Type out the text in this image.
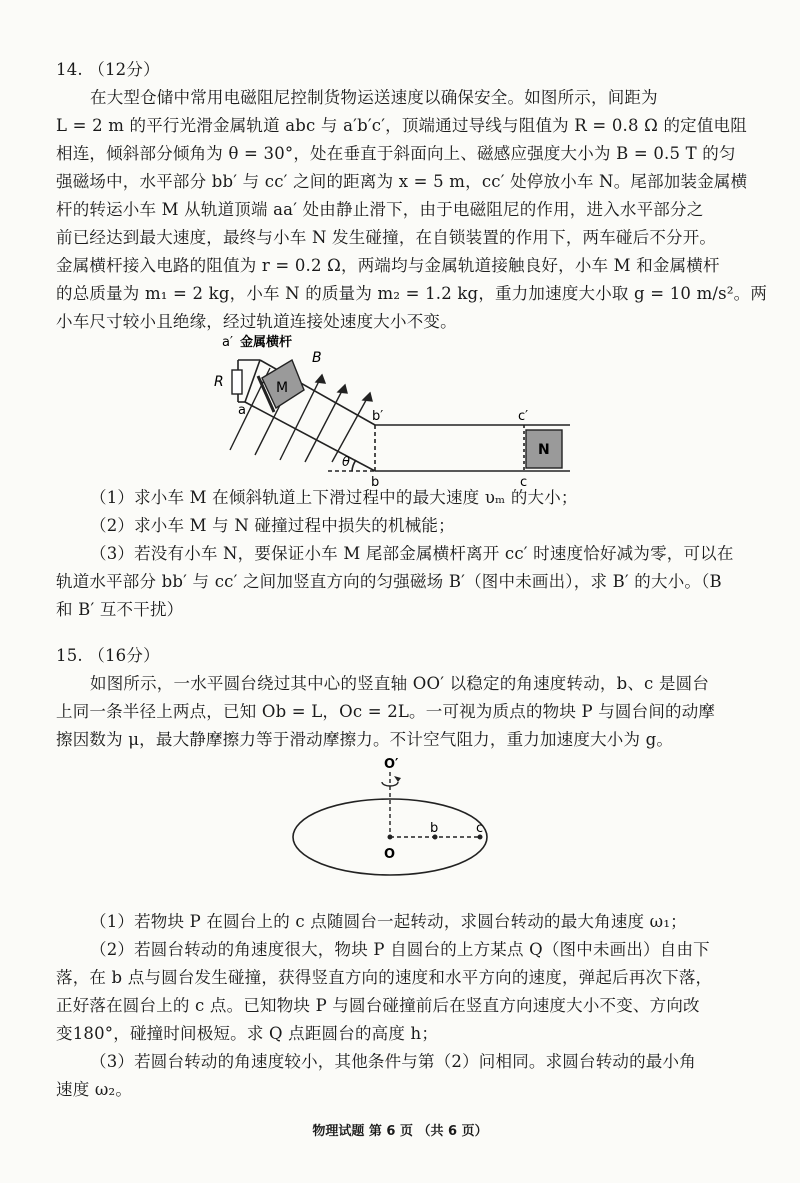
14. （12分）
在大型仓储中常用电磁阻尼控制货物运送速度以确保安全。如图所示，间距为
L = 2 m 的平行光滑金属轨道 abc 与 a′b′c′，顶端通过导线与阻值为 R = 0.8 Ω 的定值电阻
相连，倾斜部分倾角为 θ = 30°，处在垂直于斜面向上、磁感应强度大小为 B = 0.5 T 的匀
强磁场中，水平部分 bb′ 与 cc′ 之间的距离为 x = 5 m，cc′ 处停放小车 N。尾部加装金属横
杆的转运小车 M 从轨道顶端 aa′ 处由静止滑下，由于电磁阻尼的作用，进入水平部分之
前已经达到最大速度，最终与小车 N 发生碰撞，在自锁装置的作用下，两车碰后不分开。
金属横杆接入电路的阻值为 r = 0.2 Ω，两端均与金属轨道接触良好，小车 M 和金属横杆
的总质量为 m₁ = 2 kg，小车 N 的质量为 m₂ = 1.2 kg，重力加速度大小取 g = 10 m/s²。两
小车尺寸较小且绝缘，经过轨道连接处速度大小不变。
a′ 金属横杆
a
R	M
B
b′
b
c′
c
N
θ
（1）求小车 M 在倾斜轨道上下滑过程中的最大速度 υₘ 的大小；
（2）求小车 M 与 N 碰撞过程中损失的机械能；
（3）若没有小车 N，要保证小车 M 尾部金属横杆离开 cc′ 时速度恰好减为零，可以在
轨道水平部分 bb′ 与 cc′ 之间加竖直方向的匀强磁场 B′（图中未画出），求 B′ 的大小。（B
和 B′ 互不干扰）
15. （16分）
如图所示，一水平圆台绕过其中心的竖直轴 OO′ 以稳定的角速度转动，b、c 是圆台
上同一条半径上两点，已知 Ob = L，Oc = 2L。一可视为质点的物块 P 与圆台间的动摩
擦因数为 μ，最大静摩擦力等于滑动摩擦力。不计空气阻力，重力加速度大小为 g。
O′
O
b	c
（1）若物块 P 在圆台上的 c 点随圆台一起转动，求圆台转动的最大角速度 ω₁；
（2）若圆台转动的角速度很大，物块 P 自圆台的上方某点 Q（图中未画出）自由下
落，在 b 点与圆台发生碰撞，获得竖直方向的速度和水平方向的速度，弹起后再次下落，
正好落在圆台上的 c 点。已知物块 P 与圆台碰撞前后在竖直方向速度大小不变、方向改
变180°，碰撞时间极短。求 Q 点距圆台的高度 h；
（3）若圆台转动的角速度较小，其他条件与第（2）问相同。求圆台转动的最小角
速度 ω₂。
物理试题 第 6 页 （共 6 页）
